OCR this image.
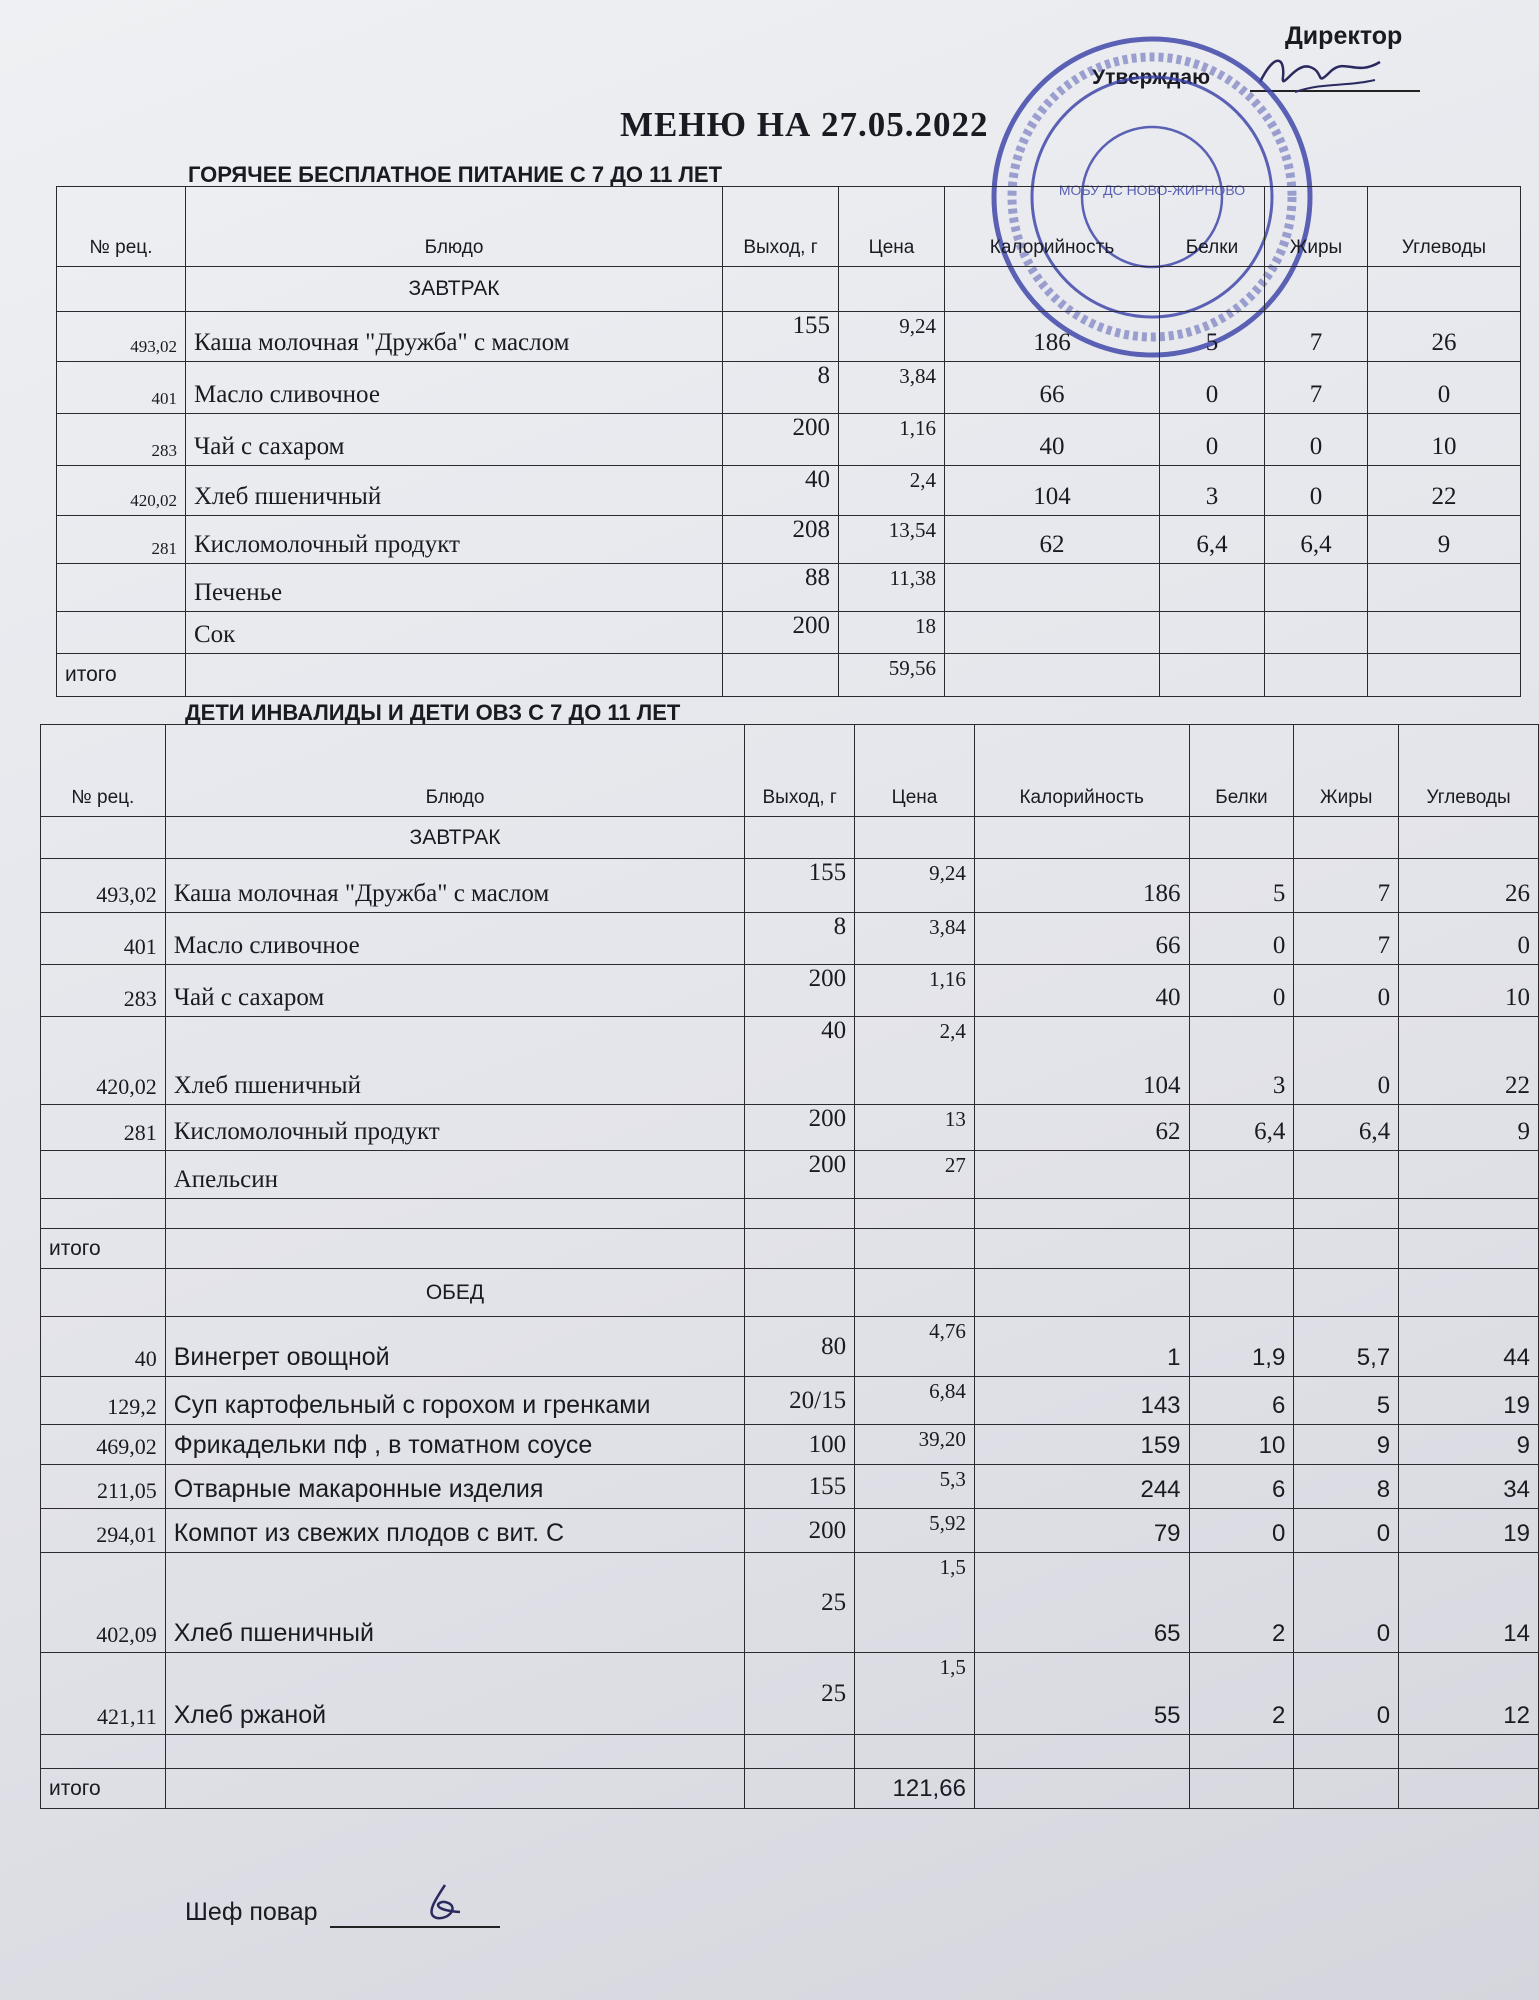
Директор
Утверждаю
МОБУ ДС НОВО-ЖИРНОВО
МЕНЮ НА 27.05.2022
ГОРЯЧЕЕ БЕСПЛАТНОЕ ПИТАНИЕ С 7 ДО 11 ЛЕТ
№ рец.	Блюдо	Выход, г	Цена	Калорийность	Белки	Жиры	Углеводы
	ЗАВТРАК						
493,02	Каша молочная "Дружба" с маслом	155	9,24	186	5	7	26
401	Масло сливочное	8	3,84	66	0	7	0
283	Чай с сахаром	200	1,16	40	0	0	10
420,02	Хлеб пшеничный	40	2,4	104	3	0	22
281	Кисломолочный продукт	208	13,54	62	6,4	6,4	9
	Печенье	88	11,38				
	Сок	200	18				
итого			59,56				
ДЕТИ ИНВАЛИДЫ И ДЕТИ ОВЗ С 7 ДО 11 ЛЕТ
№ рец.	Блюдо	Выход, г	Цена	Калорийность	Белки	Жиры	Углеводы
	ЗАВТРАК						
493,02	Каша молочная "Дружба" с маслом	155	9,24	186	5	7	26
401	Масло сливочное	8	3,84	66	0	7	0
283	Чай с сахаром	200	1,16	40	0	0	10
420,02	Хлеб пшеничный	40	2,4	104	3	0	22
281	Кисломолочный продукт	200	13	62	6,4	6,4	9
	Апельсин	200	27				

итого							
	ОБЕД						
40	Винегрет овощной	80	4,76	1	1,9	5,7	44
129,2	Суп картофельный с горохом и гренками	20/15	6,84	143	6	5	19
469,02	Фрикадельки пф , в томатном соусе	100	39,20	159	10	9	9
211,05	Отварные макаронные изделия	155	5,3	244	6	8	34
294,01	Компот из свежих плодов с вит. С	200	5,92	79	0	0	19
402,09	Хлеб пшеничный	25	1,5	65	2	0	14
421,11	Хлеб ржаной	25	1,5	55	2	0	12

итого			121,66				
Шеф повар
